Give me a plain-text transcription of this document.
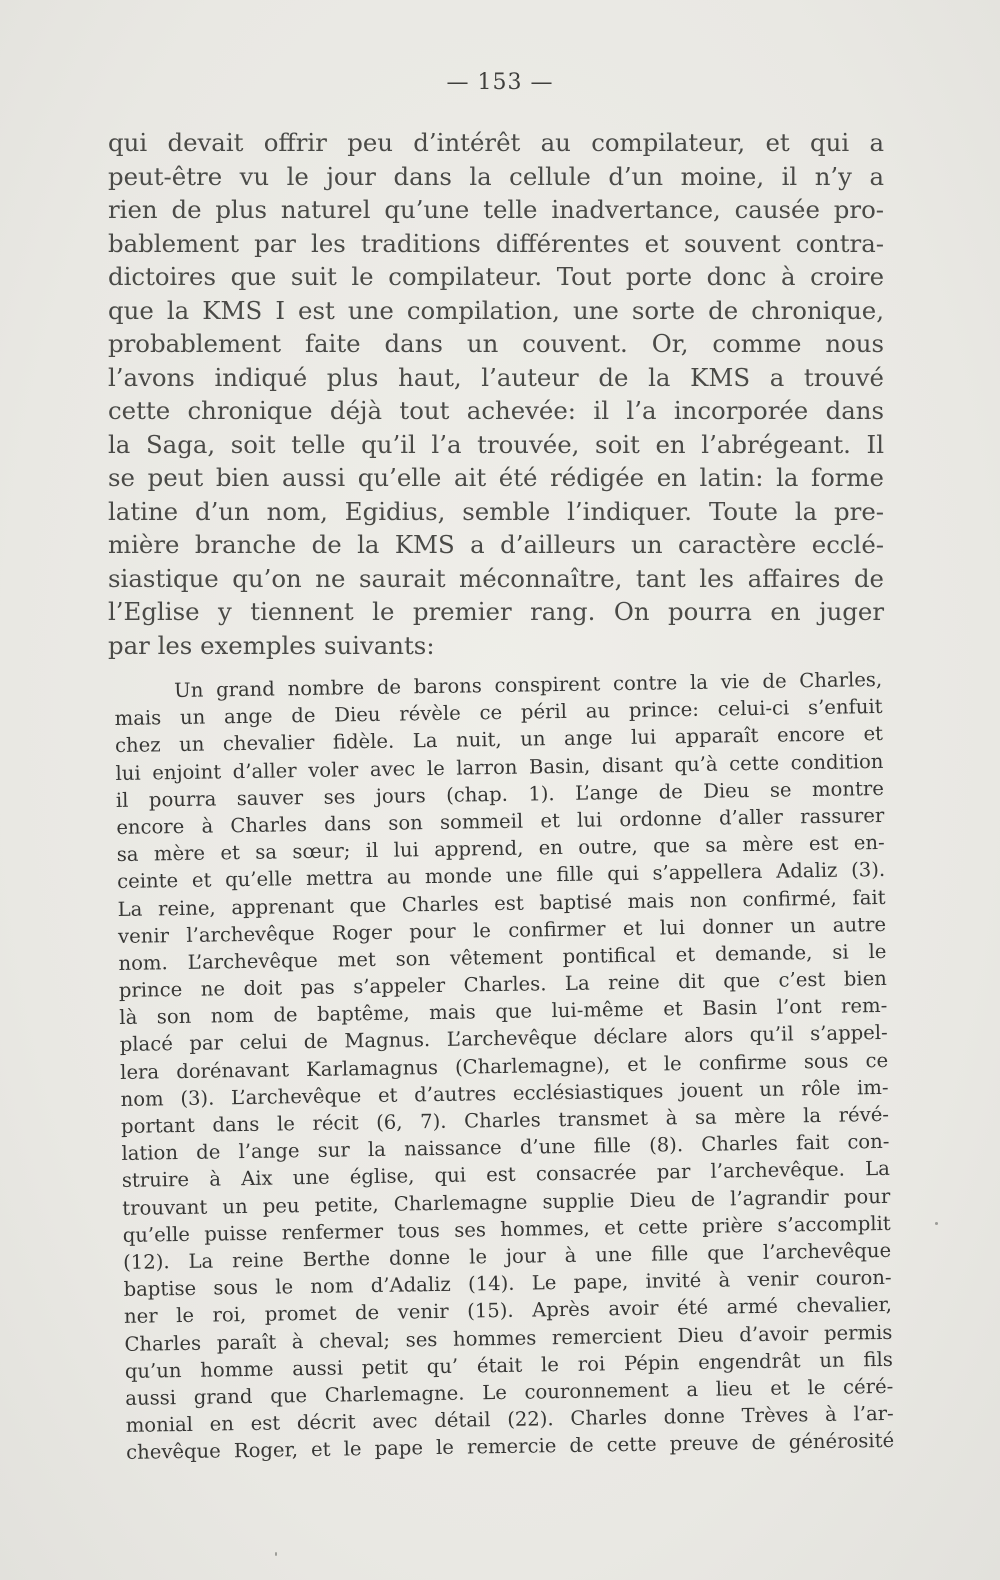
— 153 —
qui devait offrir peu d’intérêt au compilateur, et qui a
peut-être vu le jour dans la cellule d’un moine, il n’y a
rien de plus naturel qu’une telle inadvertance, causée pro-
bablement par les traditions différentes et souvent contra-
dictoires que suit le compilateur. Tout porte donc à croire
que la KMS I est une compilation, une sorte de chronique,
probablement faite dans un couvent. Or, comme nous
l’avons indiqué plus haut, l’auteur de la KMS a trouvé
cette chronique déjà tout achevée: il l’a incorporée dans
la Saga, soit telle qu’il l’a trouvée, soit en l’abrégeant. Il
se peut bien aussi qu’elle ait été rédigée en latin: la forme
latine d’un nom, Egidius, semble l’indiquer. Toute la pre-
mière branche de la KMS a d’ailleurs un caractère ecclé-
siastique qu’on ne saurait méconnaître, tant les affaires de
l’Eglise y tiennent le premier rang. On pourra en juger
par les exemples suivants:
Un grand nombre de barons conspirent contre la vie de Charles,
mais un ange de Dieu révèle ce péril au prince: celui-ci s’enfuit
chez un chevalier fidèle. La nuit, un ange lui apparaît encore et
lui enjoint d’aller voler avec le larron Basin, disant qu’à cette condition
il pourra sauver ses jours (chap. 1). L’ange de Dieu se montre
encore à Charles dans son sommeil et lui ordonne d’aller rassurer
sa mère et sa sœur; il lui apprend, en outre, que sa mère est en-
ceinte et qu’elle mettra au monde une fille qui s’appellera Adaliz (3).
La reine, apprenant que Charles est baptisé mais non confirmé, fait
venir l’archevêque Roger pour le confirmer et lui donner un autre
nom. L’archevêque met son vêtement pontifical et demande, si le
prince ne doit pas s’appeler Charles. La reine dit que c’est bien
là son nom de baptême, mais que lui-même et Basin l’ont rem-
placé par celui de Magnus. L’archevêque déclare alors qu’il s’appel-
lera dorénavant Karlamagnus (Charlemagne), et le confirme sous ce
nom (3). L’archevêque et d’autres ecclésiastiques jouent un rôle im-
portant dans le récit (6, 7). Charles transmet à sa mère la révé-
lation de l’ange sur la naissance d’une fille (8). Charles fait con-
struire à Aix une église, qui est consacrée par l’archevêque. La
trouvant un peu petite, Charlemagne supplie Dieu de l’agrandir pour
qu’elle puisse renfermer tous ses hommes, et cette prière s’accomplit
(12). La reine Berthe donne le jour à une fille que l’archevêque
baptise sous le nom d’Adaliz (14). Le pape, invité à venir couron-
ner le roi, promet de venir (15). Après avoir été armé chevalier,
Charles paraît à cheval; ses hommes remercient Dieu d’avoir permis
qu’un homme aussi petit qu’ était le roi Pépin engendrât un fils
aussi grand que Charlemagne. Le couronnement a lieu et le céré-
monial en est décrit avec détail (22). Charles donne Trèves à l’ar-
chevêque Roger, et le pape le remercie de cette preuve de générosité
